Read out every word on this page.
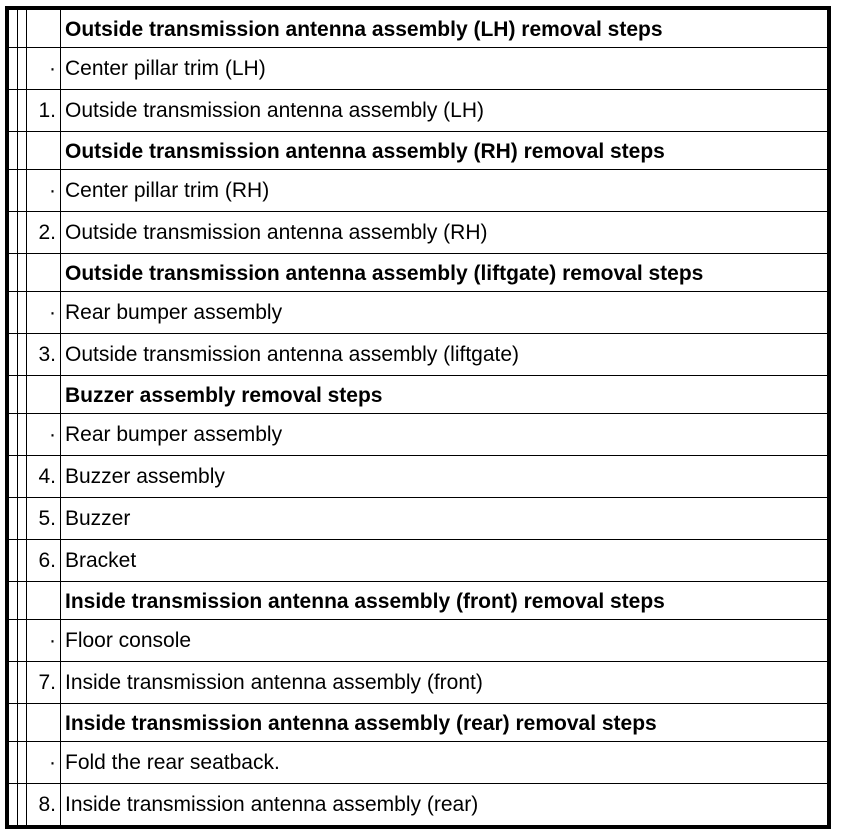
			Outside transmission antenna assembly (LH) removal steps
		·	Center pillar trim (LH)
		1.	Outside transmission antenna assembly (LH)
			Outside transmission antenna assembly (RH) removal steps
		·	Center pillar trim (RH)
		2.	Outside transmission antenna assembly (RH)
			Outside transmission antenna assembly (liftgate) removal steps
		·	Rear bumper assembly
		3.	Outside transmission antenna assembly (liftgate)
			Buzzer assembly removal steps
		·	Rear bumper assembly
		4.	Buzzer assembly
		5.	Buzzer
		6.	Bracket
			Inside transmission antenna assembly (front) removal steps
		·	Floor console
		7.	Inside transmission antenna assembly (front)
			Inside transmission antenna assembly (rear) removal steps
		·	Fold the rear seatback.
		8.	Inside transmission antenna assembly (rear)
